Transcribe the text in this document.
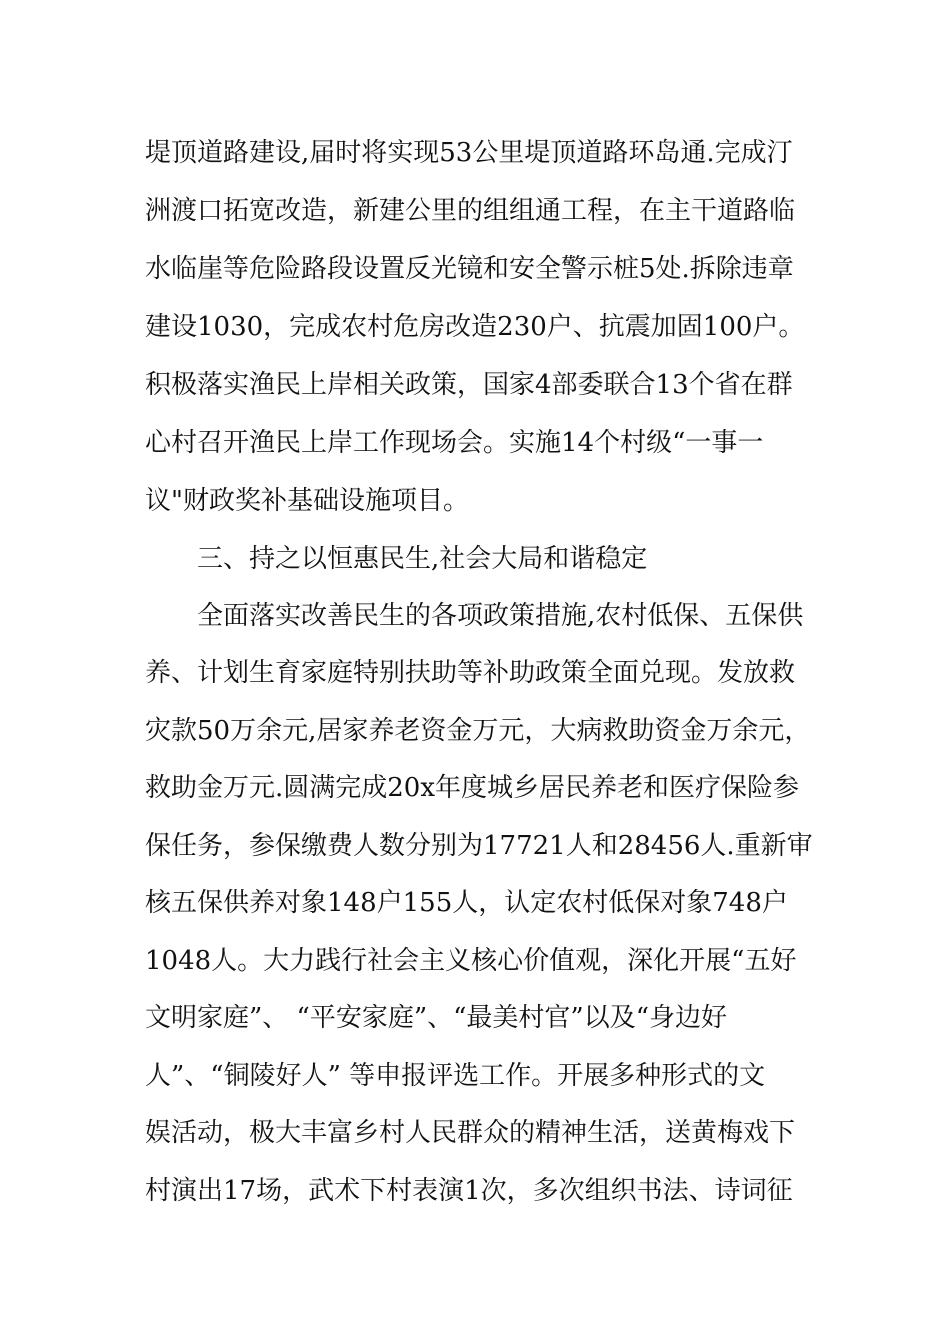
堤顶道路建设,届时将实现53公里堤顶道路环岛通.完成汀
洲渡口拓宽改造，新建公里的组组通工程，在主干道路临
水临崖等危险路段设置反光镜和安全警示桩5处.拆除违章
建设1030，完成农村危房改造230户、抗震加固100户。
积极落实渔民上岸相关政策，国家4部委联合13个省在群
心村召开渔民上岸工作现场会。实施14个村级“一事一
议"财政奖补基础设施项目。
　　三、持之以恒惠民生,社会大局和谐稳定
　　全面落实改善民生的各项政策措施,农村低保、五保供
养、计划生育家庭特别扶助等补助政策全面兑现。发放救
灾款50万余元,居家养老资金万元，大病救助资金万余元，
救助金万元.圆满完成20x年度城乡居民养老和医疗保险参
保任务，参保缴费人数分别为17721人和28456人.重新审
核五保供养对象148户155人，认定农村低保对象748户
1048人。大力践行社会主义核心价值观，深化开展“五好
文明家庭”、 “平安家庭”、“最美村官”以及“身边好
人”、“铜陵好人” 等申报评选工作。开展多种形式的文
娱活动，极大丰富乡村人民群众的精神生活，送黄梅戏下
村演出17场，武术下村表演1次，多次组织书法、诗词征
